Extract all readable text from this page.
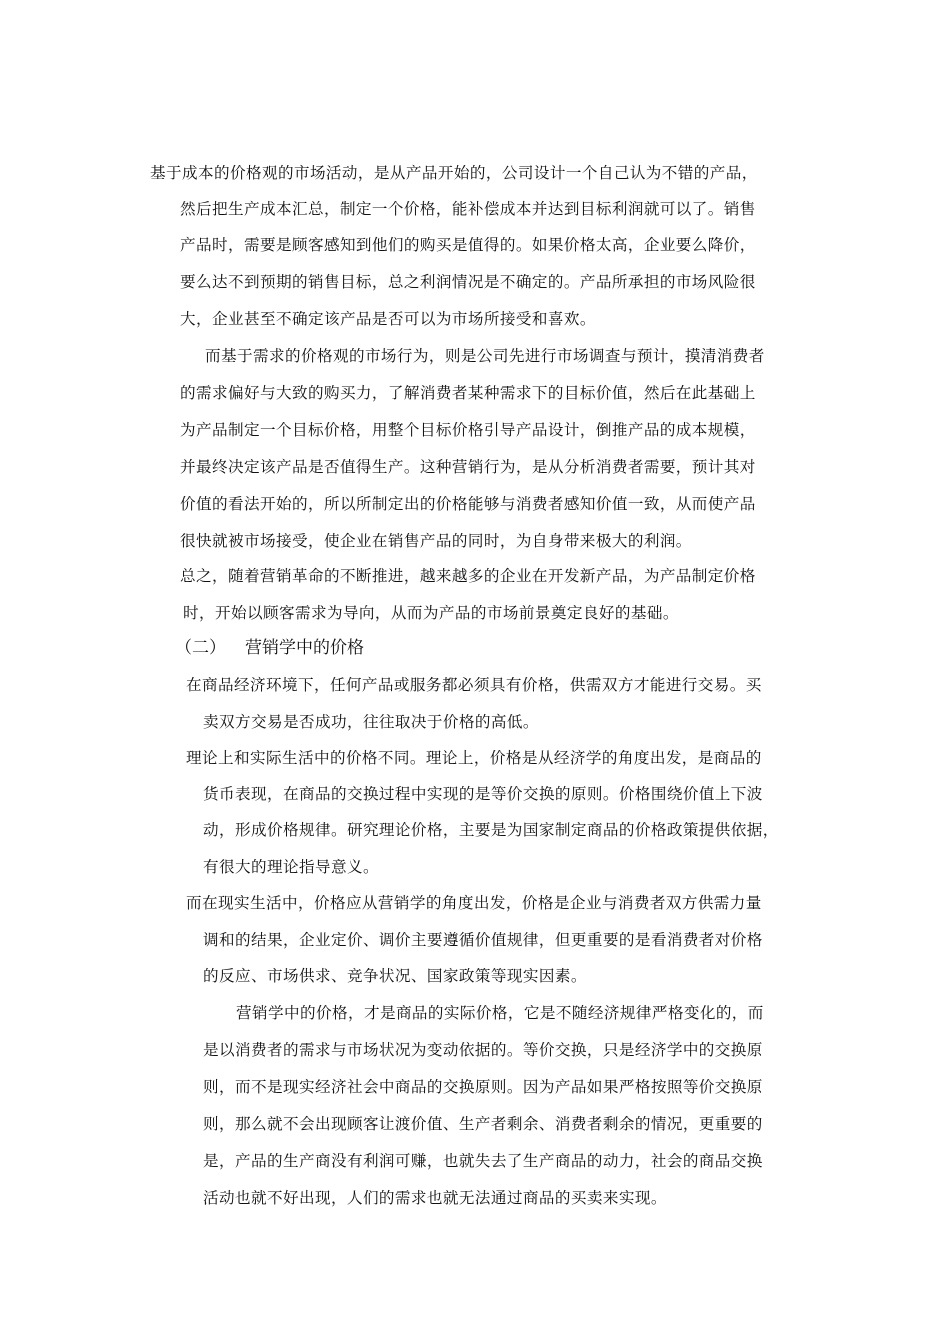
基于成本的价格观的市场活动，是从产品开始的，公司设计一个自己认为不错的产品，
然后把生产成本汇总，制定一个价格，能补偿成本并达到目标利润就可以了。销售
产品时，需要是顾客感知到他们的购买是值得的。如果价格太高，企业要么降价，
要么达不到预期的销售目标，总之利润情况是不确定的。产品所承担的市场风险很
大，企业甚至不确定该产品是否可以为市场所接受和喜欢。
而基于需求的价格观的市场行为，则是公司先进行市场调查与预计，摸清消费者
的需求偏好与大致的购买力，了解消费者某种需求下的目标价值，然后在此基础上
为产品制定一个目标价格，用整个目标价格引导产品设计，倒推产品的成本规模，
并最终决定该产品是否值得生产。这种营销行为，是从分析消费者需要，预计其对
价值的看法开始的，所以所制定出的价格能够与消费者感知价值一致，从而使产品
很快就被市场接受，使企业在销售产品的同时，为自身带来极大的利润。
总之，随着营销革命的不断推进，越来越多的企业在开发新产品，为产品制定价格
时，开始以顾客需求为导向，从而为产品的市场前景奠定良好的基础。
（二） 营销学中的价格
在商品经济环境下，任何产品或服务都必须具有价格，供需双方才能进行交易。买
卖双方交易是否成功，往往取决于价格的高低。
理论上和实际生活中的价格不同。理论上，价格是从经济学的角度出发，是商品的
货币表现，在商品的交换过程中实现的是等价交换的原则。价格围绕价值上下波
动，形成价格规律。研究理论价格，主要是为国家制定商品的价格政策提供依据，
有很大的理论指导意义。
而在现实生活中，价格应从营销学的角度出发，价格是企业与消费者双方供需力量
调和的结果，企业定价、调价主要遵循价值规律，但更重要的是看消费者对价格
的反应、市场供求、竞争状况、国家政策等现实因素。
营销学中的价格，才是商品的实际价格，它是不随经济规律严格变化的，而
是以消费者的需求与市场状况为变动依据的。等价交换，只是经济学中的交换原
则，而不是现实经济社会中商品的交换原则。因为产品如果严格按照等价交换原
则，那么就不会出现顾客让渡价值、生产者剩余、消费者剩余的情况，更重要的
是，产品的生产商没有利润可赚，也就失去了生产商品的动力，社会的商品交换
活动也就不好出现，人们的需求也就无法通过商品的买卖来实现。
